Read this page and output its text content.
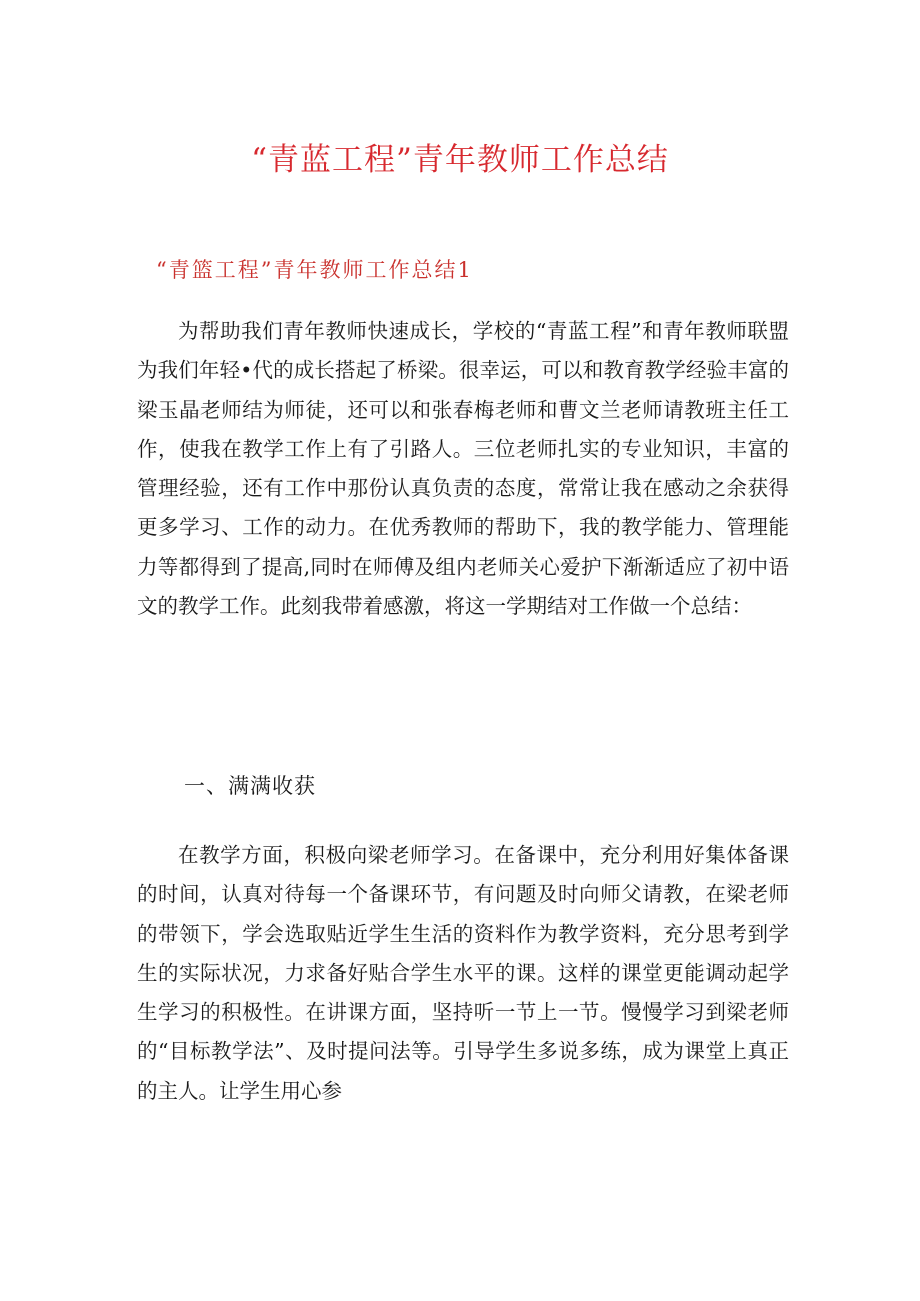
“青蓝工程”青年教师工作总结
“青篮工程”青年教师工作总结1

为帮助我们青年教师快速成长，学校的“青蓝工程”和青年教师联盟为我们年轻•代的成长搭起了桥梁。很幸运，可以和教育教学经验丰富的梁玉晶老师结为师徒，还可以和张春梅老师和曹文兰老师请教班主任工作，使我在教学工作上有了引路人。三位老师扎实的专业知识，丰富的管理经验，还有工作中那份认真负责的态度，常常让我在感动之余获得更多学习、工作的动力。在优秀教师的帮助下，我的教学能力、管理能力等都得到了提高,同时在师傅及组内老师关心爱护下渐渐适应了初中语文的教学工作。此刻我带着感激，将这一学期结对工作做一个总结：

一、满满收获

在教学方面，积极向梁老师学习。在备课中，充分利用好集体备课的时间，认真对待每一个备课环节，有问题及时向师父请教，在梁老师的带领下，学会选取贴近学生生活的资料作为教学资料，充分思考到学生的实际状况，力求备好贴合学生水平的课。这样的课堂更能调动起学生学习的积极性。在讲课方面，坚持听一节上一节。慢慢学习到梁老师的“目标教学法”、及时提问法等。引导学生多说多练，成为课堂上真正的主人。让学生用心参
